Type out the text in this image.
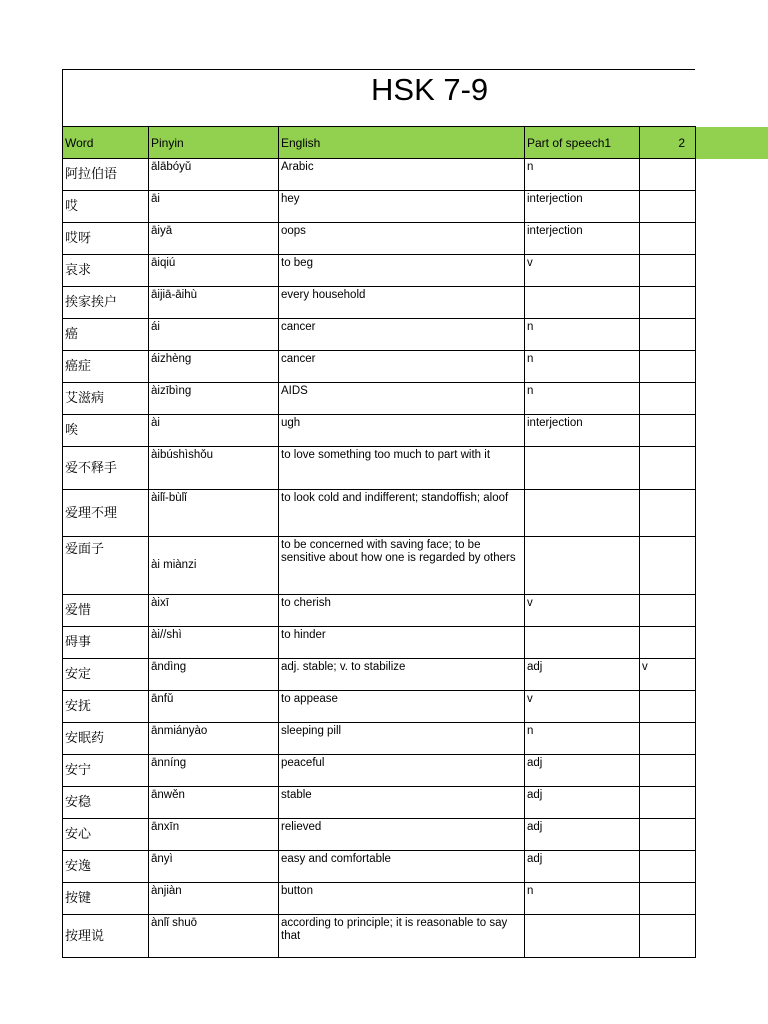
HSK 7-9
Word	Pinyin	English	Part of speech1	2	
阿拉伯语	ālābóyǔ	Arabic	n		
哎	āi	hey	interjection		
哎呀	āiyā	oops	interjection		
哀求	āiqiú	to beg	v		
挨家挨户	āijiā-āihù	every household			
癌	ái	cancer	n		
癌症	áizhèng	cancer	n		
艾滋病	àizībìng	AIDS	n		
唉	ài	ugh	interjection		
爱不释手	àibúshìshǒu	to love something too much to part with it			
爱理不理	àilǐ-bùlǐ	to look cold and indifferent; standoffish; aloof			
爱面子	ài miànzi	to be concerned with saving face; to be sensitive about how one is regarded by others			
爱惜	àixī	to cherish	v		
碍事	ài//shì	to hinder			
安定	āndìng	adj. stable; v. to stabilize	adj	v	
安抚	ānfǔ	to appease	v		
安眠药	ānmiányào	sleeping pill	n		
安宁	ānníng	peaceful	adj		
安稳	ānwěn	stable	adj		
安心	ānxīn	relieved	adj		
安逸	ānyì	easy and comfortable	adj		
按键	ànjiàn	button	n		
按理说	ànlǐ shuō	according to principle; it is reasonable to say that			
